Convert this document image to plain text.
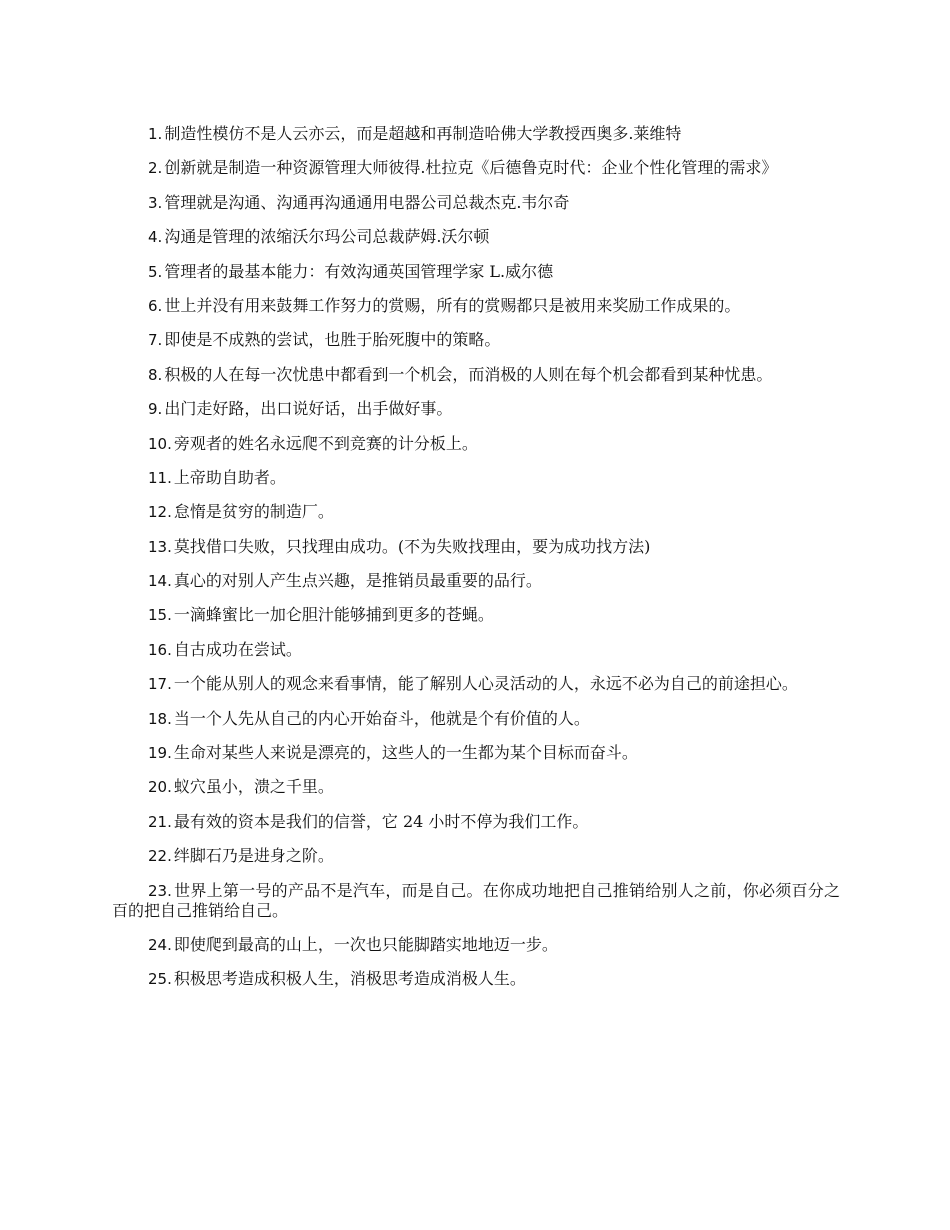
1. 制造性模仿不是人云亦云，而是超越和再制造哈佛大学教授西奥多.莱维特

2. 创新就是制造一种资源管理大师彼得.杜拉克《后德鲁克时代：企业个性化管理的需求》

3. 管理就是沟通、沟通再沟通通用电器公司总裁杰克.韦尔奇

4. 沟通是管理的浓缩沃尔玛公司总裁萨姆.沃尔顿

5. 管理者的最基本能力：有效沟通英国管理学家 L.威尔德

6. 世上并没有用来鼓舞工作努力的赏赐，所有的赏赐都只是被用来奖励工作成果的。

7. 即使是不成熟的尝试，也胜于胎死腹中的策略。

8. 积极的人在每一次忧患中都看到一个机会，而消极的人则在每个机会都看到某种忧患。

9. 出门走好路，出口说好话，出手做好事。

10. 旁观者的姓名永远爬不到竞赛的计分板上。

11. 上帝助自助者。

12. 怠惰是贫穷的制造厂。

13. 莫找借口失败，只找理由成功。(不为失败找理由，要为成功找方法)

14. 真心的对别人产生点兴趣，是推销员最重要的品行。

15. 一滴蜂蜜比一加仑胆汁能够捕到更多的苍蝇。

16. 自古成功在尝试。

17. 一个能从别人的观念来看事情，能了解别人心灵活动的人，永远不必为自己的前途担心。

18. 当一个人先从自己的内心开始奋斗，他就是个有价值的人。

19. 生命对某些人来说是漂亮的，这些人的一生都为某个目标而奋斗。

20. 蚁穴虽小，溃之千里。

21. 最有效的资本是我们的信誉，它 24 小时不停为我们工作。

22. 绊脚石乃是进身之阶。

23. 世界上第一号的产品不是汽车，而是自己。在你成功地把自己推销给别人之前，你必须百分之百的把自己推销给自己。

24. 即使爬到最高的山上，一次也只能脚踏实地地迈一步。

25. 积极思考造成积极人生，消极思考造成消极人生。
